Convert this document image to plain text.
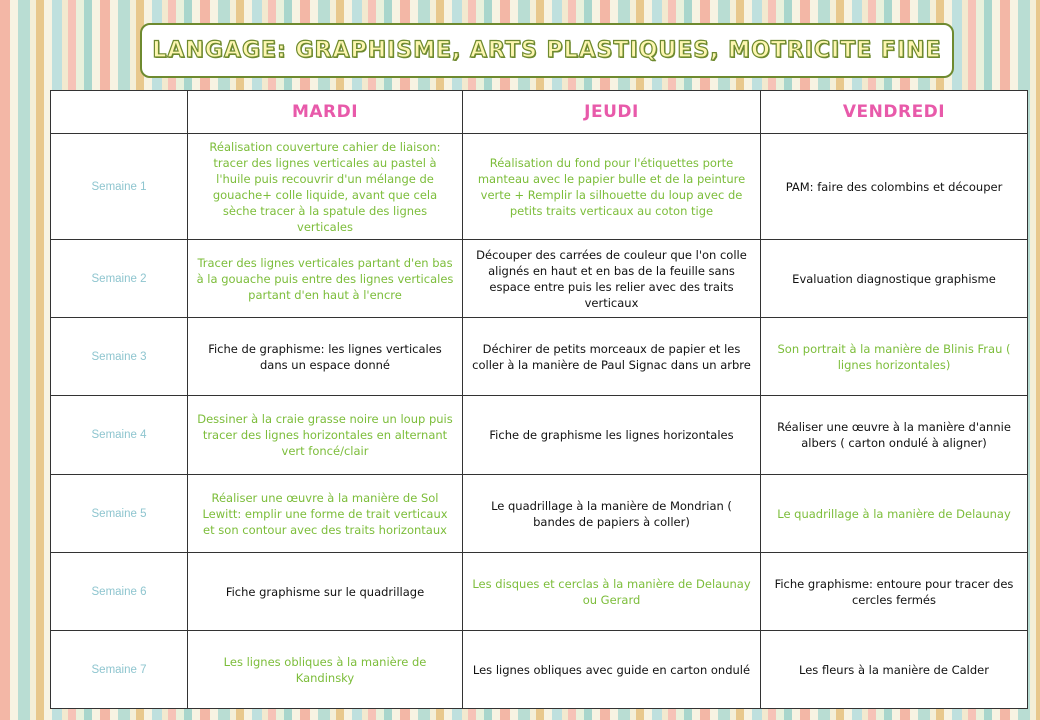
LANGAGE: GRAPHISME, ARTS PLASTIQUES, MOTRICITE FINE
	MARDI	JEUDI	VENDREDI
Semaine 1	Réalisation couverture cahier de liaison: tracer des lignes verticales au pastel à l'huile puis recouvrir d'un mélange de gouache+ colle liquide, avant que cela sèche tracer à la spatule des lignes verticales	Réalisation du fond pour l'étiquettes porte manteau avec le papier bulle et de la peinture verte + Remplir la silhouette du loup avec de petits traits verticaux au coton tige	PAM: faire des colombins et découper
Semaine 2	Tracer des lignes verticales partant d'en bas à la gouache puis entre des lignes verticales partant d'en haut à l'encre	Découper des carrées de couleur que l'on colle alignés en haut et en bas de la feuille sans espace entre puis les relier avec des traits verticaux	Evaluation diagnostique graphisme
Semaine 3	Fiche de graphisme: les lignes verticales dans un espace donné	Déchirer de petits morceaux de papier et les coller à la manière de Paul Signac dans un arbre	Son portrait à la manière de Blinis Frau ( lignes horizontales)
Semaine 4	Dessiner à la craie grasse noire un loup puis tracer des lignes horizontales en alternant vert foncé/clair	Fiche de graphisme les lignes horizontales	Réaliser une œuvre à la manière d'annie albers ( carton ondulé à aligner)
Semaine 5	Réaliser une œuvre à la manière de Sol Lewitt: emplir une forme de trait verticaux et son contour avec des traits horizontaux	Le quadrillage à la manière de Mondrian ( bandes de papiers à coller)	Le quadrillage à la manière de Delaunay
Semaine 6	Fiche graphisme sur le quadrillage	Les disques et cerclas à la manière de Delaunay ou Gerard	Fiche graphisme: entoure pour tracer des cercles fermés
Semaine 7	Les lignes obliques à la manière de Kandinsky	Les lignes obliques avec guide en carton ondulé	Les fleurs à la manière de Calder
